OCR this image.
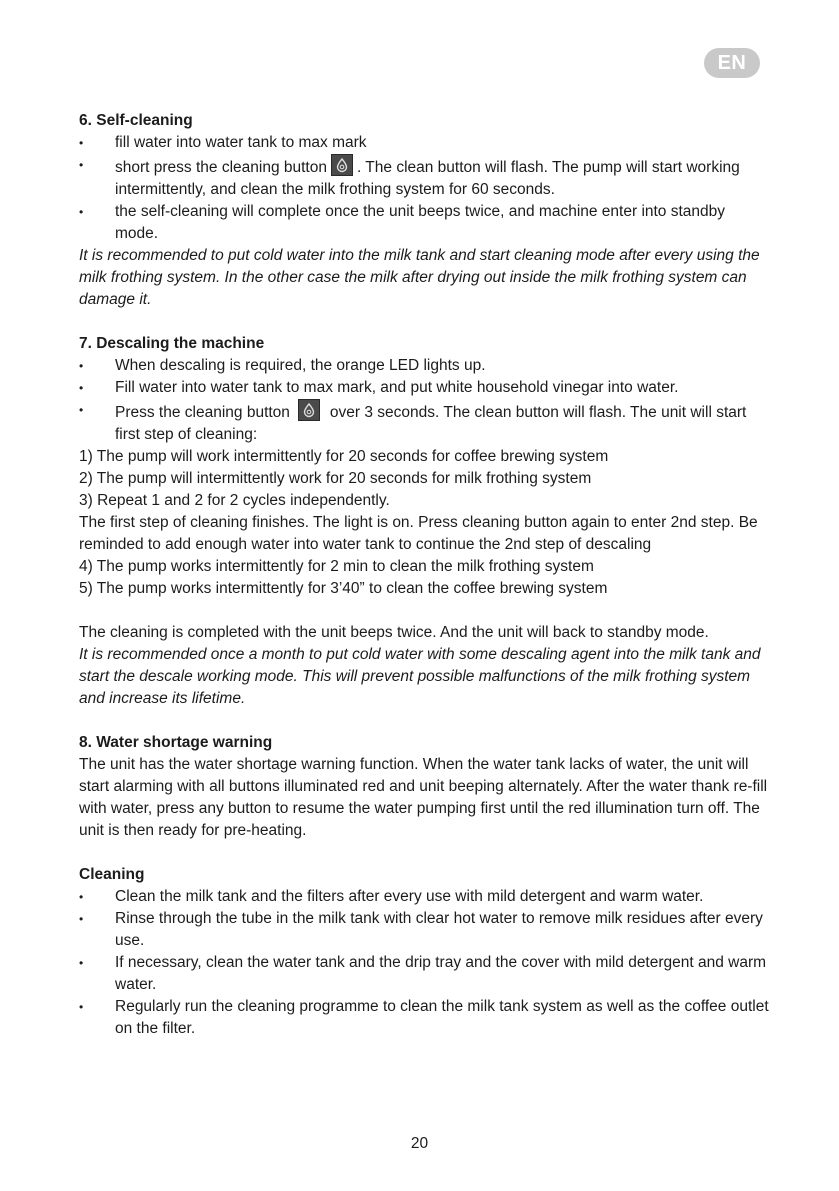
EN
6. Self-cleaning
• fill water into water tank to max mark
• short press the cleaning button . The clean button will flash. The pump will start working intermittently, and clean the milk frothing system for 60 seconds.
• the self-cleaning will complete once the unit beeps twice, and machine enter into standby mode.
It is recommended to put cold water into the milk tank and start cleaning mode after every using the milk frothing system. In the other case the milk after drying out inside the milk frothing system can damage it.
7. Descaling the machine
• When descaling is required, the orange LED lights up.
• Fill water into water tank to max mark, and put white household vinegar into water.
• Press the cleaning button	over 3 seconds. The clean button will flash. The unit will start first step of cleaning:
1) The pump will work intermittently for 20 seconds for coffee brewing system
2) The pump will intermittently work for 20 seconds for milk frothing system
3) Repeat 1 and 2 for 2 cycles independently.
The first step of cleaning finishes. The light is on. Press cleaning button again to enter 2nd step. Be reminded to add enough water into water tank to continue the 2nd step of descaling
4) The pump works intermittently for 2 min to clean the milk frothing system
5) The pump works intermittently for 3’40” to clean the coffee brewing system
The cleaning is completed with the unit beeps twice. And the unit will back to standby mode.
It is recommended once a month to put cold water with some descaling agent into the milk tank and start the descale working mode. This will prevent possible malfunctions of the milk frothing system and increase its lifetime.
8. Water shortage warning
The unit has the water shortage warning function. When the water tank lacks of water, the unit will start alarming with all buttons illuminated red and unit beeping alternately. After the water thank re-fill with water, press any button to resume the water pumping first until the red illumination turn off. The unit is then ready for pre-heating.
Cleaning
• Clean the milk tank and the filters after every use with mild detergent and warm water.
• Rinse through the tube in the milk tank with clear hot water to remove milk residues after every use.
• If necessary, clean the water tank and the drip tray and the cover with mild detergent and warm water.
• Regularly run the cleaning programme to clean the milk tank system as well as the coffee outlet on the filter.
20
